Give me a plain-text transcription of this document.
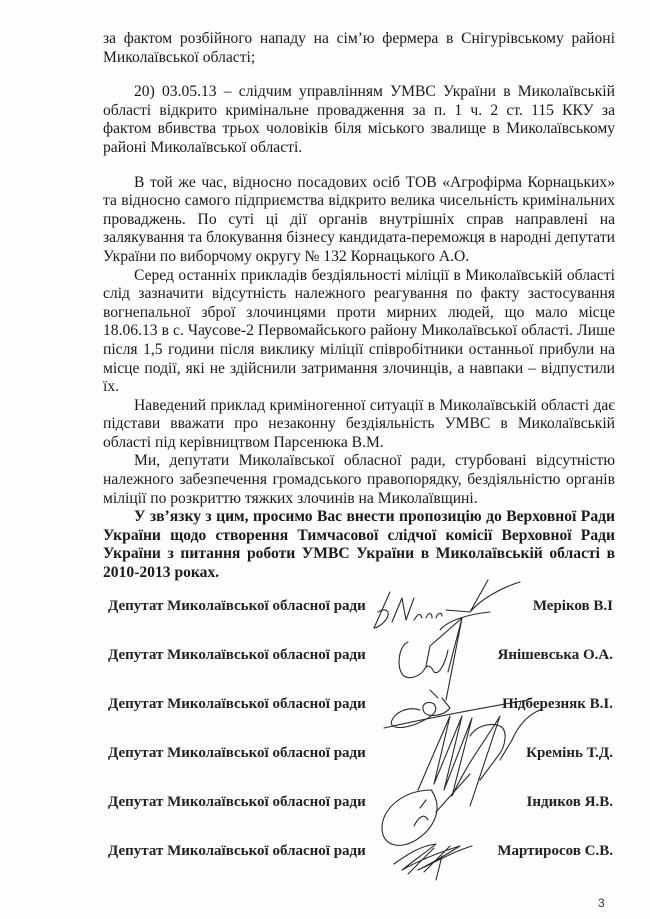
за фактом розбійного нападу на сім’ю фермера в Снігурівському районі Миколаївської області;

20) 03.05.13 – слідчим управлінням УМВС України в Миколаївській області відкрито кримінальне провадження за п. 1 ч. 2 ст. 115 ККУ за фактом вбивства трьох чоловіків біля міського звалище в Миколаївському районі Миколаївської області.

В той же час, відносно посадових осіб ТОВ «Агрофірма Корнацьких» та відносно самого підприємства відкрито велика чисельність кримінальних проваджень. По суті ці дії органів внутрішніх справ направлені на залякування та блокування бізнесу кандидата-переможця в народні депутати України по виборчому округу № 132 Корнацького А.О.

Серед останніх прикладів бездіяльності міліції в Миколаївській області слід зазначити відсутність належного реагування по факту застосування вогнепальної зброї злочинцями проти мирних людей, що мало місце 18.06.13 в с. Чаусове-2 Первомайського району Миколаївської області. Лише після 1,5 години після виклику міліції співробітники останньої прибули на місце події, які не здійснили затримання злочинців, а навпаки – відпустили їх.

Наведений приклад криміногенної ситуації в Миколаївській області дає підстави вважати про незаконну бездіяльність УМВС в Миколаївській області під керівництвом Парсенюка В.М.

Ми, депутати Миколаївської обласної ради, стурбовані відсутністю належного забезпечення громадського правопорядку, бездіяльністю органів міліції по розкриттю тяжких злочинів на Миколаївщині.

У зв’язку з цим, просимо Вас внести пропозицію до Верховної Ради України щодо створення Тимчасової слідчої комісії Верховної Ради України з питання роботи УМВС України в Миколаївській області в 2010-2013 роках.

Депутат Миколаївської обласної ради	Меріков В.І
Депутат Миколаївської обласної ради	Янішевська О.А.
Депутат Миколаївської обласної ради	Підберезняк В.І.
Депутат Миколаївської обласної ради	Кремінь Т.Д.
Депутат Миколаївської обласної ради	Індиков Я.В.
Депутат Миколаївської обласної ради	Мартиросов С.В.
3
